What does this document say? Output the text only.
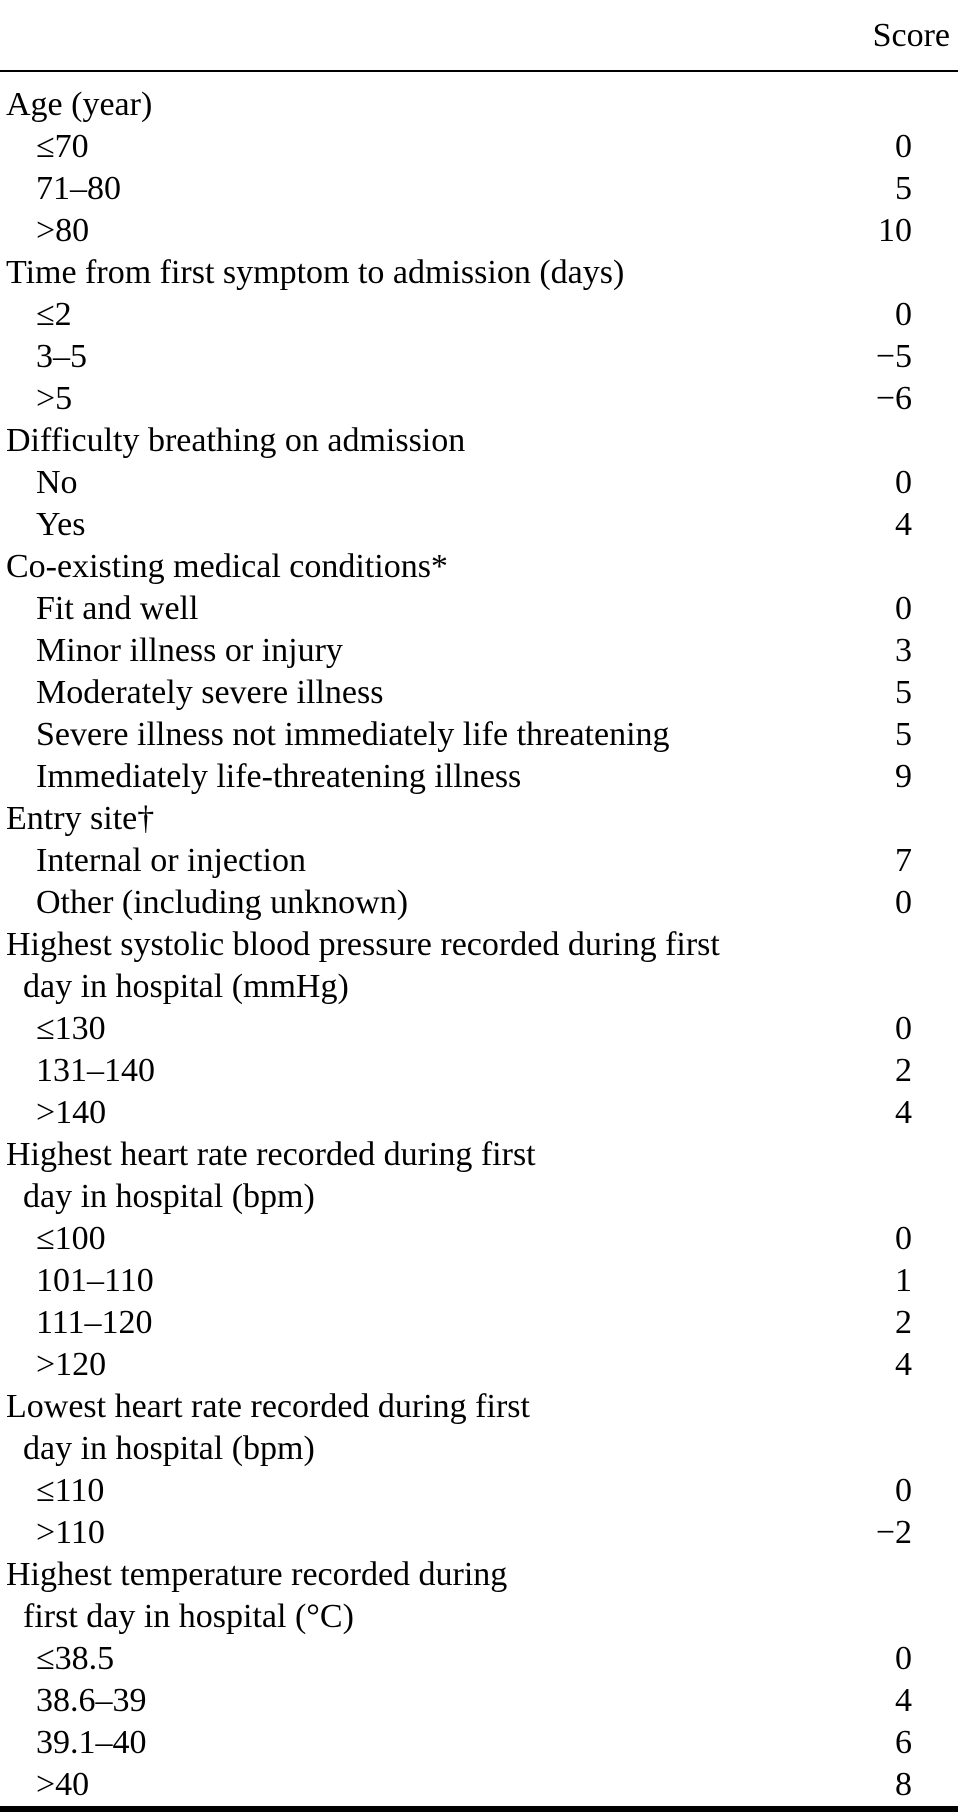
Score
Age (year)
≤70	0
71–80	5
>80	10
Time from first symptom to admission (days)
≤2	0
3–5	−5
>5	−6
Difficulty breathing on admission
No	0
Yes	4
Co-existing medical conditions*
Fit and well	0
Minor illness or injury	3
Moderately severe illness	5
Severe illness not immediately life threatening	5
Immediately life-threatening illness	9
Entry site†
Internal or injection	7
Other (including unknown)	0
Highest systolic blood pressure recorded during first
day in hospital (mmHg)
≤130	0
131–140	2
>140	4
Highest heart rate recorded during first
day in hospital (bpm)
≤100	0
101–110	1
111–120	2
>120	4
Lowest heart rate recorded during first
day in hospital (bpm)
≤110	0
>110	−2
Highest temperature recorded during
first day in hospital (°C)
≤38.5	0
38.6–39	4
39.1–40	6
>40	8
